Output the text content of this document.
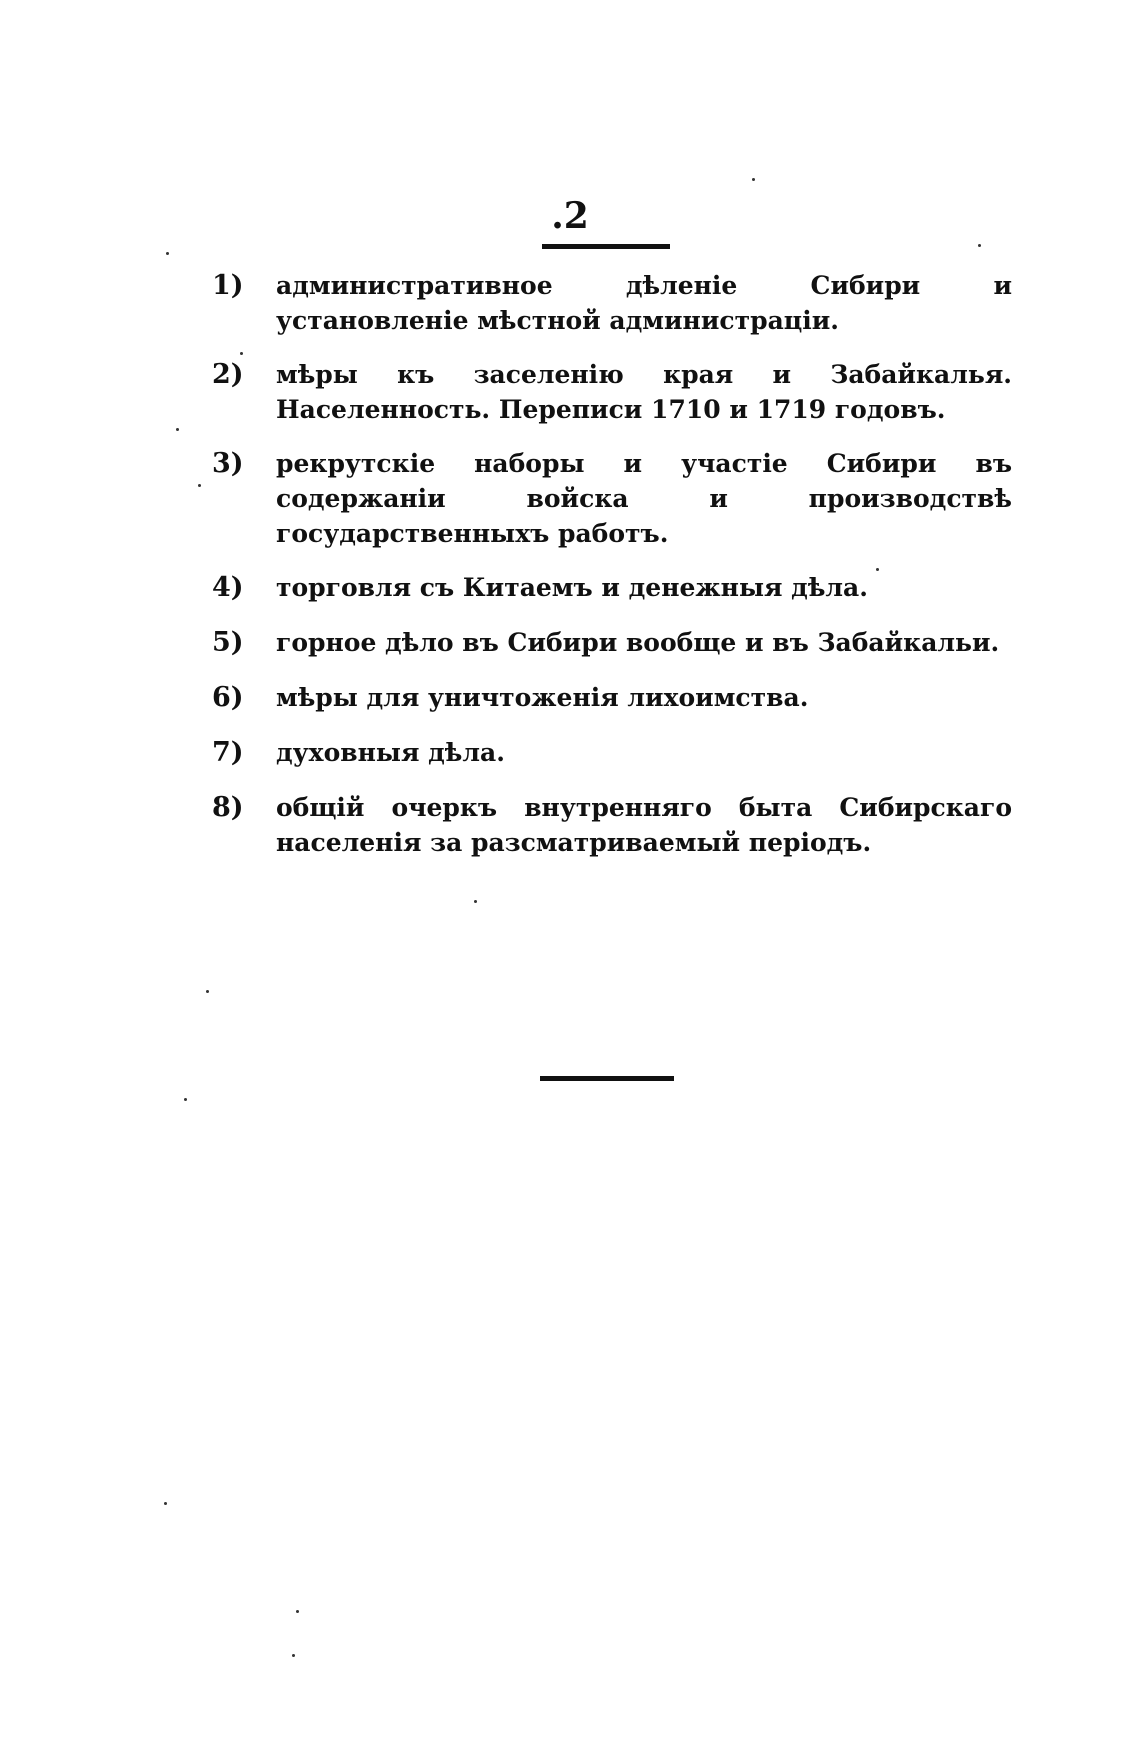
.2
1)	административное дѣленіе Сибири и установленіе мѣстной администраціи.
2)	мѣры къ заселенію края и Забайкалья. Населенность. Переписи 1710 и 1719 годовъ.
3)	рекрутскіе наборы и участіе Сибири въ содержаніи войска и производствѣ государственныхъ работъ.
4)	торговля съ Китаемъ и денежныя дѣла.
5)	горное дѣло въ Сибири вообще и въ Забайкальи.
6)	мѣры для уничтоженія лихоимства.
7)	духовныя дѣла.
8)	общій очеркъ внутренняго быта Сибирскаго населенія за разсматриваемый періодъ.
